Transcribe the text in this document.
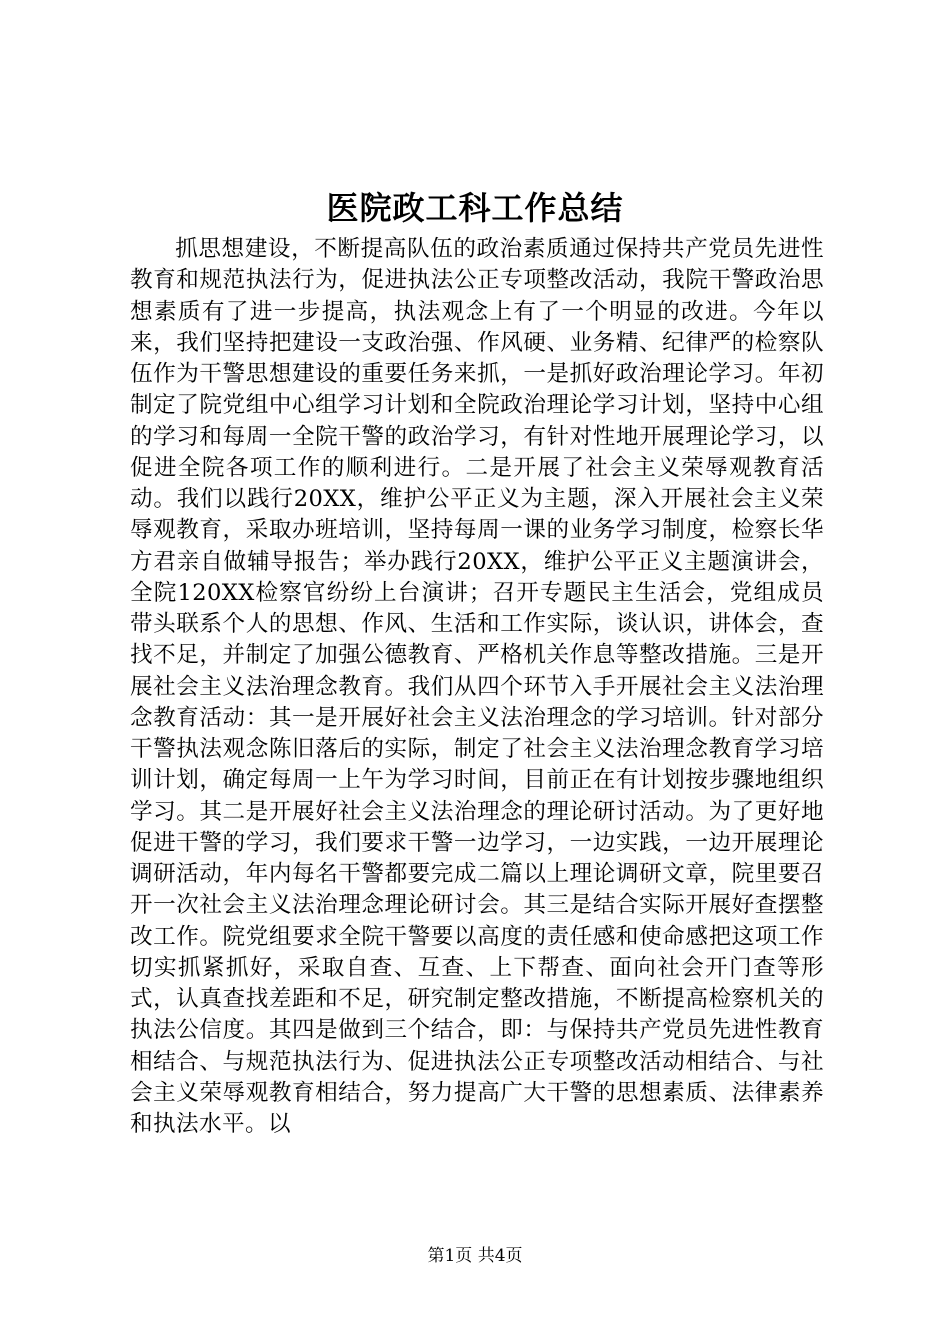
医院政工科工作总结

抓思想建设，不断提高队伍的政治素质通过保持共产党员先进性教育和规范执法行为，促进执法公正专项整改活动，我院干警政治思想素质有了进一步提高，执法观念上有了一个明显的改进。今年以来，我们坚持把建设一支政治强、作风硬、业务精、纪律严的检察队伍作为干警思想建设的重要任务来抓，一是抓好政治理论学习。年初制定了院党组中心组学习计划和全院政治理论学习计划，坚持中心组的学习和每周一全院干警的政治学习，有针对性地开展理论学习，以促进全院各项工作的顺利进行。二是开展了社会主义荣辱观教育活动。我们以践行20XX，维护公平正义为主题，深入开展社会主义荣辱观教育，采取办班培训，坚持每周一课的业务学习制度，检察长华方君亲自做辅导报告；举办践行20XX，维护公平正义主题演讲会，全院120XX检察官纷纷上台演讲；召开专题民主生活会，党组成员带头联系个人的思想、作风、生活和工作实际，谈认识，讲体会，查找不足，并制定了加强公德教育、严格机关作息等整改措施。三是开展社会主义法治理念教育。我们从四个环节入手开展社会主义法治理念教育活动：其一是开展好社会主义法治理念的学习培训。针对部分干警执法观念陈旧落后的实际，制定了社会主义法治理念教育学习培训计划，确定每周一上午为学习时间，目前正在有计划按步骤地组织学习。其二是开展好社会主义法治理念的理论研讨活动。为了更好地促进干警的学习，我们要求干警一边学习，一边实践，一边开展理论调研活动，年内每名干警都要完成二篇以上理论调研文章，院里要召开一次社会主义法治理念理论研讨会。其三是结合实际开展好查摆整改工作。院党组要求全院干警要以高度的责任感和使命感把这项工作切实抓紧抓好，采取自查、互查、上下帮查、面向社会开门查等形式，认真查找差距和不足，研究制定整改措施，不断提高检察机关的执法公信度。其四是做到三个结合，即：与保持共产党员先进性教育相结合、与规范执法行为、促进执法公正专项整改活动相结合、与社会主义荣辱观教育相结合，努力提高广大干警的思想素质、法律素养和执法水平。以

第1页 共4页
